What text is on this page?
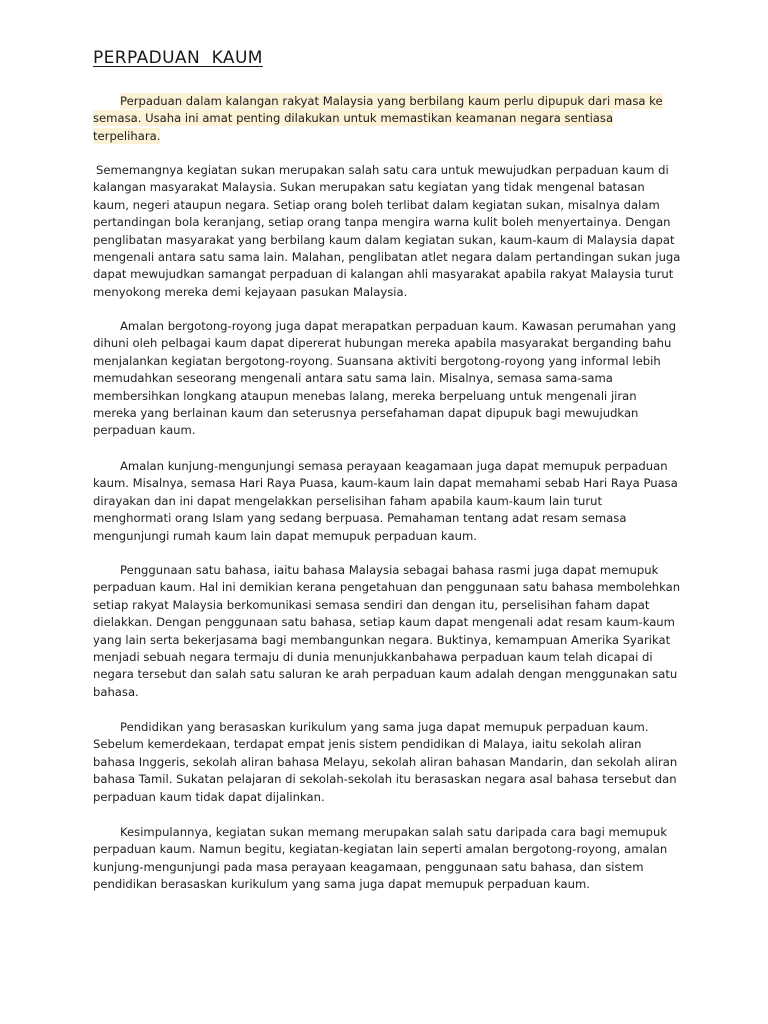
PERPADUAN  KAUM

Perpaduan dalam kalangan rakyat Malaysia yang berbilang kaum perlu dipupuk dari masa ke semasa. Usaha ini amat penting dilakukan untuk memastikan keamanan negara sentiasa terpelihara.

Sememangnya kegiatan sukan merupakan salah satu cara untuk mewujudkan perpaduan kaum di kalangan masyarakat Malaysia. Sukan merupakan satu kegiatan yang tidak mengenal batasan kaum, negeri ataupun negara. Setiap orang boleh terlibat dalam kegiatan sukan, misalnya dalam pertandingan bola keranjang, setiap orang tanpa mengira warna kulit boleh menyertainya. Dengan penglibatan masyarakat yang berbilang kaum dalam kegiatan sukan, kaum-kaum di Malaysia dapat mengenali antara satu sama lain. Malahan, penglibatan atlet negara dalam pertandingan sukan juga dapat mewujudkan samangat perpaduan di kalangan ahli masyarakat apabila rakyat Malaysia turut menyokong mereka demi kejayaan pasukan Malaysia.

Amalan bergotong-royong juga dapat merapatkan perpaduan kaum. Kawasan perumahan yang dihuni oleh pelbagai kaum dapat dipererat hubungan mereka apabila masyarakat berganding bahu menjalankan kegiatan bergotong-royong. Suansana aktiviti bergotong-royong yang informal lebih memudahkan seseorang mengenali antara satu sama lain. Misalnya, semasa sama-sama membersihkan longkang ataupun menebas lalang, mereka berpeluang untuk mengenali jiran mereka yang berlainan kaum dan seterusnya persefahaman dapat dipupuk bagi mewujudkan perpaduan kaum.

Amalan kunjung-mengunjungi semasa perayaan keagamaan juga dapat memupuk perpaduan kaum. Misalnya, semasa Hari Raya Puasa, kaum-kaum lain dapat memahami sebab Hari Raya Puasa dirayakan dan ini dapat mengelakkan perselisihan faham apabila kaum-kaum lain turut menghormati orang Islam yang sedang berpuasa. Pemahaman tentang adat resam semasa mengunjungi rumah kaum lain dapat memupuk perpaduan kaum.

Penggunaan satu bahasa, iaitu bahasa Malaysia sebagai bahasa rasmi juga dapat memupuk perpaduan kaum. Hal ini demikian kerana pengetahuan dan penggunaan satu bahasa membolehkan setiap rakyat Malaysia berkomunikasi semasa sendiri dan dengan itu, perselisihan faham dapat dielakkan. Dengan penggunaan satu bahasa, setiap kaum dapat mengenali adat resam kaum-kaum yang lain serta bekerjasama bagi membangunkan negara. Buktinya, kemampuan Amerika Syarikat menjadi sebuah negara termaju di dunia menunjukkanbahawa perpaduan kaum telah dicapai di negara tersebut dan salah satu saluran ke arah perpaduan kaum adalah dengan menggunakan satu bahasa.

Pendidikan yang berasaskan kurikulum yang sama juga dapat memupuk perpaduan kaum. Sebelum kemerdekaan, terdapat empat jenis sistem pendidikan di Malaya, iaitu sekolah aliran bahasa Inggeris, sekolah aliran bahasa Melayu, sekolah aliran bahasan Mandarin, dan sekolah aliran bahasa Tamil. Sukatan pelajaran di sekolah-sekolah itu berasaskan negara asal bahasa tersebut dan perpaduan kaum tidak dapat dijalinkan.

Kesimpulannya, kegiatan sukan memang merupakan salah satu daripada cara bagi memupuk perpaduan kaum. Namun begitu, kegiatan-kegiatan lain seperti amalan bergotong-royong, amalan kunjung-mengunjungi pada masa perayaan keagamaan, penggunaan satu bahasa, dan sistem pendidikan berasaskan kurikulum yang sama juga dapat memupuk perpaduan kaum.
